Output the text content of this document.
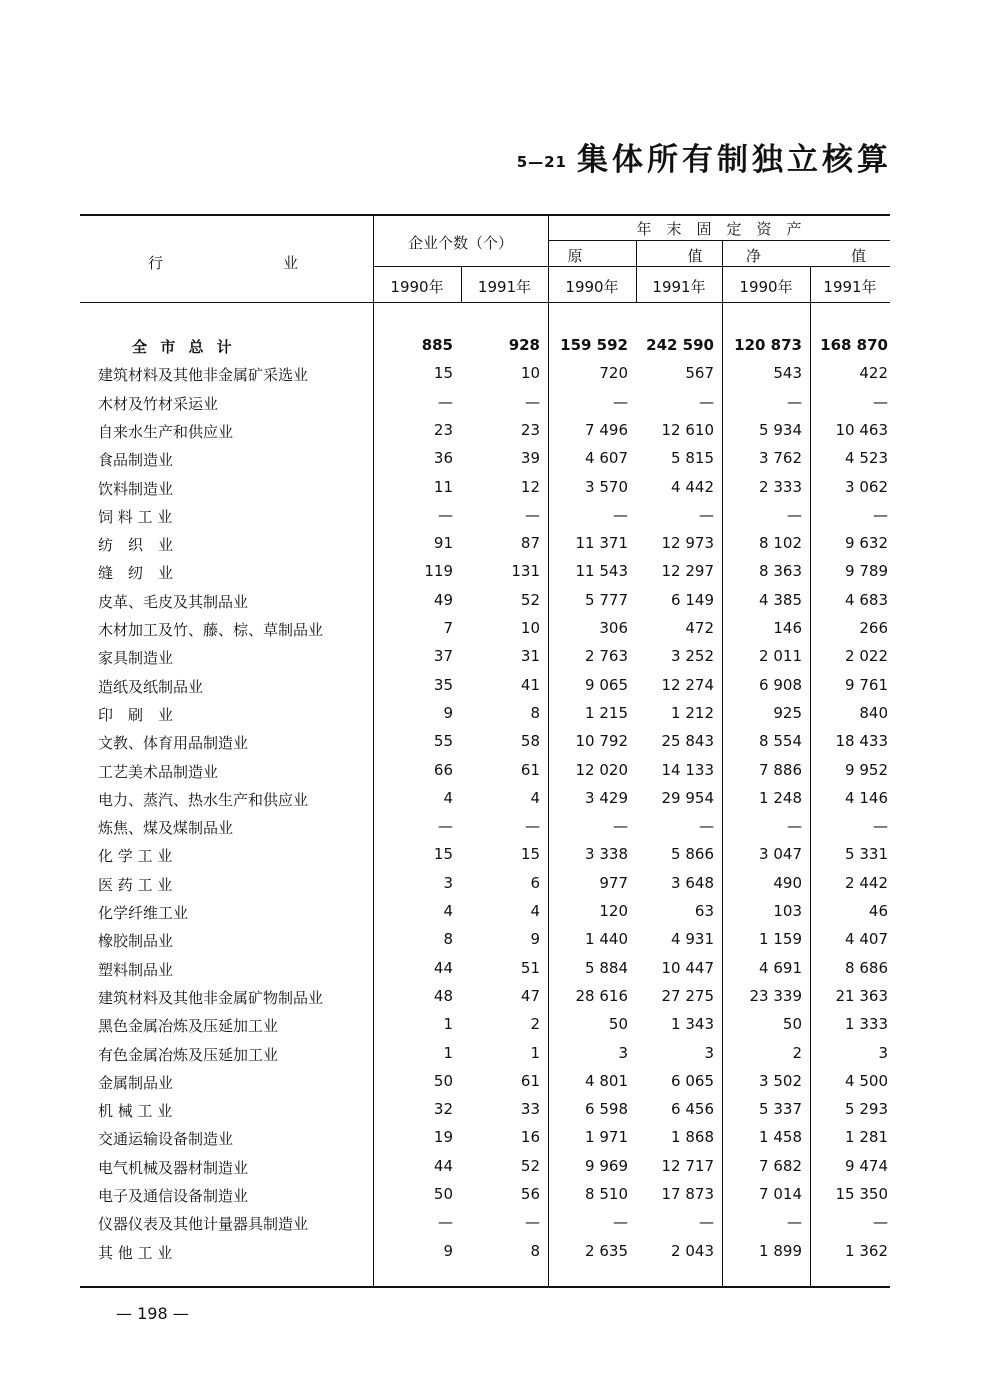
5—21 集体所有制独立核算
行　　　　　　　　业
企业个数（个）
年　末　固　定　资　产
原　　　　　　　值	净　　　　　　值
1990年	1991年	1990年	1991年	1990年	1991年
全 市 总 计	885	928	159 592	242 590	120 873	168 870
建筑材料及其他非金属矿采选业	15	10	720	567	543	422
木材及竹材采运业	—	—	—	—	—	—
自来水生产和供应业	23	23	7 496	12 610	5 934	10 463
食品制造业	36	39	4 607	5 815	3 762	4 523
饮料制造业	11	12	3 570	4 442	2 333	3 062
饲 料 工 业	—	—	—	—	—	—
纺　织　业	91	87	11 371	12 973	8 102	9 632
缝　纫　业	119	131	11 543	12 297	8 363	9 789
皮革、毛皮及其制品业	49	52	5 777	6 149	4 385	4 683
木材加工及竹、藤、棕、草制品业	7	10	306	472	146	266
家具制造业	37	31	2 763	3 252	2 011	2 022
造纸及纸制品业	35	41	9 065	12 274	6 908	9 761
印　刷　业	9	8	1 215	1 212	925	840
文教、体育用品制造业	55	58	10 792	25 843	8 554	18 433
工艺美术品制造业	66	61	12 020	14 133	7 886	9 952
电力、蒸汽、热水生产和供应业	4	4	3 429	29 954	1 248	4 146
炼焦、煤及煤制品业	—	—	—	—	—	—
化 学 工 业	15	15	3 338	5 866	3 047	5 331
医 药 工 业	3	6	977	3 648	490	2 442
化学纤维工业	4	4	120	63	103	46
橡胶制品业	8	9	1 440	4 931	1 159	4 407
塑料制品业	44	51	5 884	10 447	4 691	8 686
建筑材料及其他非金属矿物制品业	48	47	28 616	27 275	23 339	21 363
黑色金属冶炼及压延加工业	1	2	50	1 343	50	1 333
有色金属冶炼及压延加工业	1	1	3	3	2	3
金属制品业	50	61	4 801	6 065	3 502	4 500
机 械 工 业	32	33	6 598	6 456	5 337	5 293
交通运输设备制造业	19	16	1 971	1 868	1 458	1 281
电气机械及器材制造业	44	52	9 969	12 717	7 682	9 474
电子及通信设备制造业	50	56	8 510	17 873	7 014	15 350
仪器仪表及其他计量器具制造业	—	—	—	—	—	—
其 他 工 业	9	8	2 635	2 043	1 899	1 362
— 198 —
